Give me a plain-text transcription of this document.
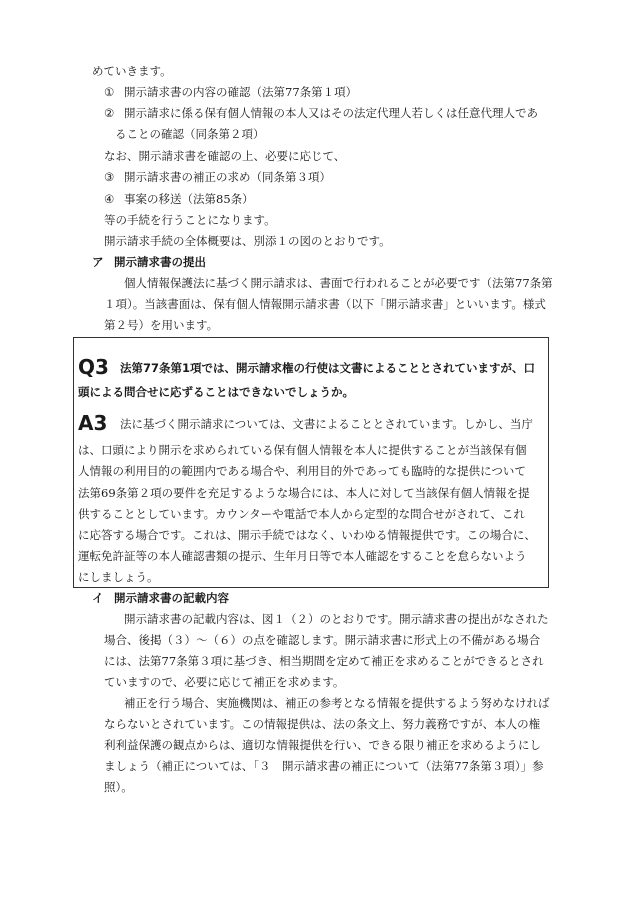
めていきます。
① 開示請求書の内容の確認（法第77条第１項）
② 開示請求に係る保有個人情報の本人又はその法定代理人若しくは任意代理人であ
ることの確認（同条第２項）
なお、開示請求書を確認の上、必要に応じて、
③ 開示請求書の補正の求め（同条第３項）
④ 事案の移送（法第85条）
等の手続を行うことになります。
開示請求手続の全体概要は、別添１の図のとおりです。
ア 開示請求書の提出
個人情報保護法に基づく開示請求は、書面で行われることが必要です（法第77条第
１項）。当該書面は、保有個人情報開示請求書（以下「開示請求書」といいます。様式
第２号）を用います。
Q3 法第77条第1項では、開示請求権の行使は文書によることとされていますが、口
頭による問合せに応ずることはできないでしょうか。
A3 法に基づく開示請求については、文書によることとされています。しかし、当庁
は、口頭により開示を求められている保有個人情報を本人に提供することが当該保有個
人情報の利用目的の範囲内である場合や、利用目的外であっても臨時的な提供について
法第69条第２項の要件を充足するような場合には、本人に対して当該保有個人情報を提
供することとしています。カウンターや電話で本人から定型的な問合せがされて、これ
に応答する場合です。これは、開示手続ではなく、いわゆる情報提供です。この場合に、
運転免許証等の本人確認書類の提示、生年月日等で本人確認をすることを怠らないよう
にしましょう。
イ 開示請求書の記載内容
開示請求書の記載内容は、図１（２）のとおりです。開示請求書の提出がなされた
場合、後掲（３）～（６）の点を確認します。開示請求書に形式上の不備がある場合
には、法第77条第３項に基づき、相当期間を定めて補正を求めることができるとされ
ていますので、必要に応じて補正を求めます。
補正を行う場合、実施機関は、補正の参考となる情報を提供するよう努めなければ
ならないとされています。この情報提供は、法の条文上、努力義務ですが、本人の権
利利益保護の観点からは、適切な情報提供を行い、できる限り補正を求めるようにし
ましょう（補正については、「３　開示請求書の補正について（法第77条第３項）」参
照）。
